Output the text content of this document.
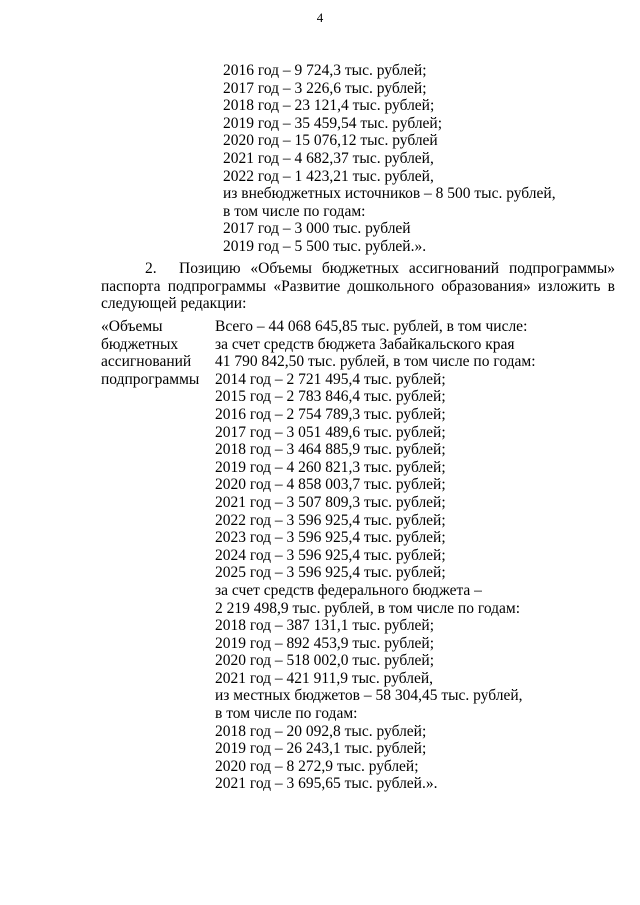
4
2016 год – 9 724,3 тыс. рублей;
2017 год – 3 226,6 тыс. рублей;
2018 год – 23 121,4 тыс. рублей;
2019 год – 35 459,54 тыс. рублей;
2020 год – 15 076,12 тыс. рублей
2021 год – 4 682,37 тыс. рублей,
2022 год – 1 423,21 тыс. рублей,
из внебюджетных источников – 8 500 тыс. рублей,
в том числе по годам:
2017 год – 3 000 тыс. рублей
2019 год – 5 500 тыс. рублей.».
2. Позицию «Объемы бюджетных ассигнований подпрограммы» паспорта подпрограммы «Развитие дошкольного образования» изложить в следующей редакции:
«Объемы
бюджетных
ассигнований
подпрограммы
Всего – 44 068 645,85 тыс. рублей, в том числе:
за счет средств бюджета Забайкальского края
41 790 842,50 тыс. рублей, в том числе по годам:
2014 год – 2 721 495,4 тыс. рублей;
2015 год – 2 783 846,4 тыс. рублей;
2016 год – 2 754 789,3 тыс. рублей;
2017 год – 3 051 489,6 тыс. рублей;
2018 год – 3 464 885,9 тыс. рублей;
2019 год – 4 260 821,3 тыс. рублей;
2020 год – 4 858 003,7 тыс. рублей;
2021 год – 3 507 809,3 тыс. рублей;
2022 год – 3 596 925,4 тыс. рублей;
2023 год – 3 596 925,4 тыс. рублей;
2024 год – 3 596 925,4 тыс. рублей;
2025 год – 3 596 925,4 тыс. рублей;
за счет средств федерального бюджета –
2 219 498,9 тыс. рублей, в том числе по годам:
2018 год – 387 131,1 тыс. рублей;
2019 год – 892 453,9 тыс. рублей;
2020 год – 518 002,0 тыс. рублей;
2021 год – 421 911,9 тыс. рублей,
из местных бюджетов – 58 304,45 тыс. рублей,
в том числе по годам:
2018 год – 20 092,8 тыс. рублей;
2019 год – 26 243,1 тыс. рублей;
2020 год – 8 272,9 тыс. рублей;
2021 год – 3 695,65 тыс. рублей.».
